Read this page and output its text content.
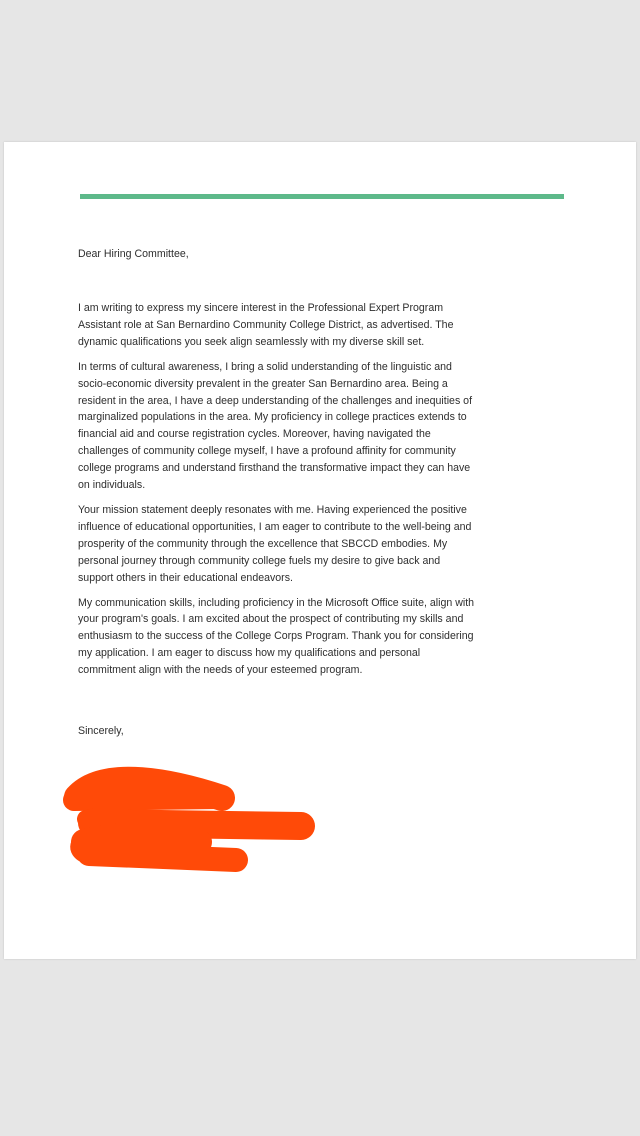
Dear Hiring Committee,

I am writing to express my sincere interest in the Professional Expert Program Assistant role at San Bernardino Community College District, as advertised. The dynamic qualifications you seek align seamlessly with my diverse skill set.

In terms of cultural awareness, I bring a solid understanding of the linguistic and socio-economic diversity prevalent in the greater San Bernardino area. Being a resident in the area, I have a deep understanding of the challenges and inequities of marginalized populations in the area. My proficiency in college practices extends to financial aid and course registration cycles. Moreover, having navigated the challenges of community college myself, I have a profound affinity for community college programs and understand firsthand the transformative impact they can have on individuals.

Your mission statement deeply resonates with me. Having experienced the positive influence of educational opportunities, I am eager to contribute to the well-being and prosperity of the community through the excellence that SBCCD embodies. My personal journey through community college fuels my desire to give back and support others in their educational endeavors.

My communication skills, including proficiency in the Microsoft Office suite, align with your program's goals. I am excited about the prospect of contributing my skills and enthusiasm to the success of the College Corps Program. Thank you for considering my application. I am eager to discuss how my qualifications and personal commitment align with the needs of your esteemed program.

Sincerely,
